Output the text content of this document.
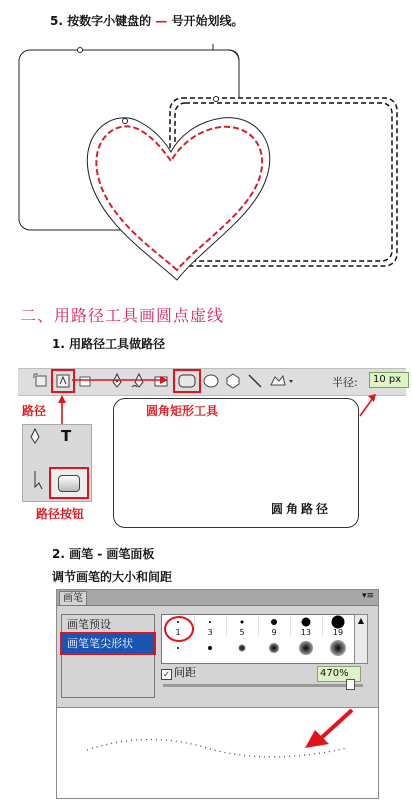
5. 按数字小键盘的 — 号开始划线。
二、用路径工具画圆点虚线
1. 用路径工具做路径
半径:	10 px
路径	圆角矩形工具
T
路径按钮	圆角路径
2. 画笔 - 画笔面板
调节画笔的大小和间距
画笔	▾≡
画笔预设
画笔笔尖形状
1	3	5	9	13	19
▲
✓ 间距	470%
